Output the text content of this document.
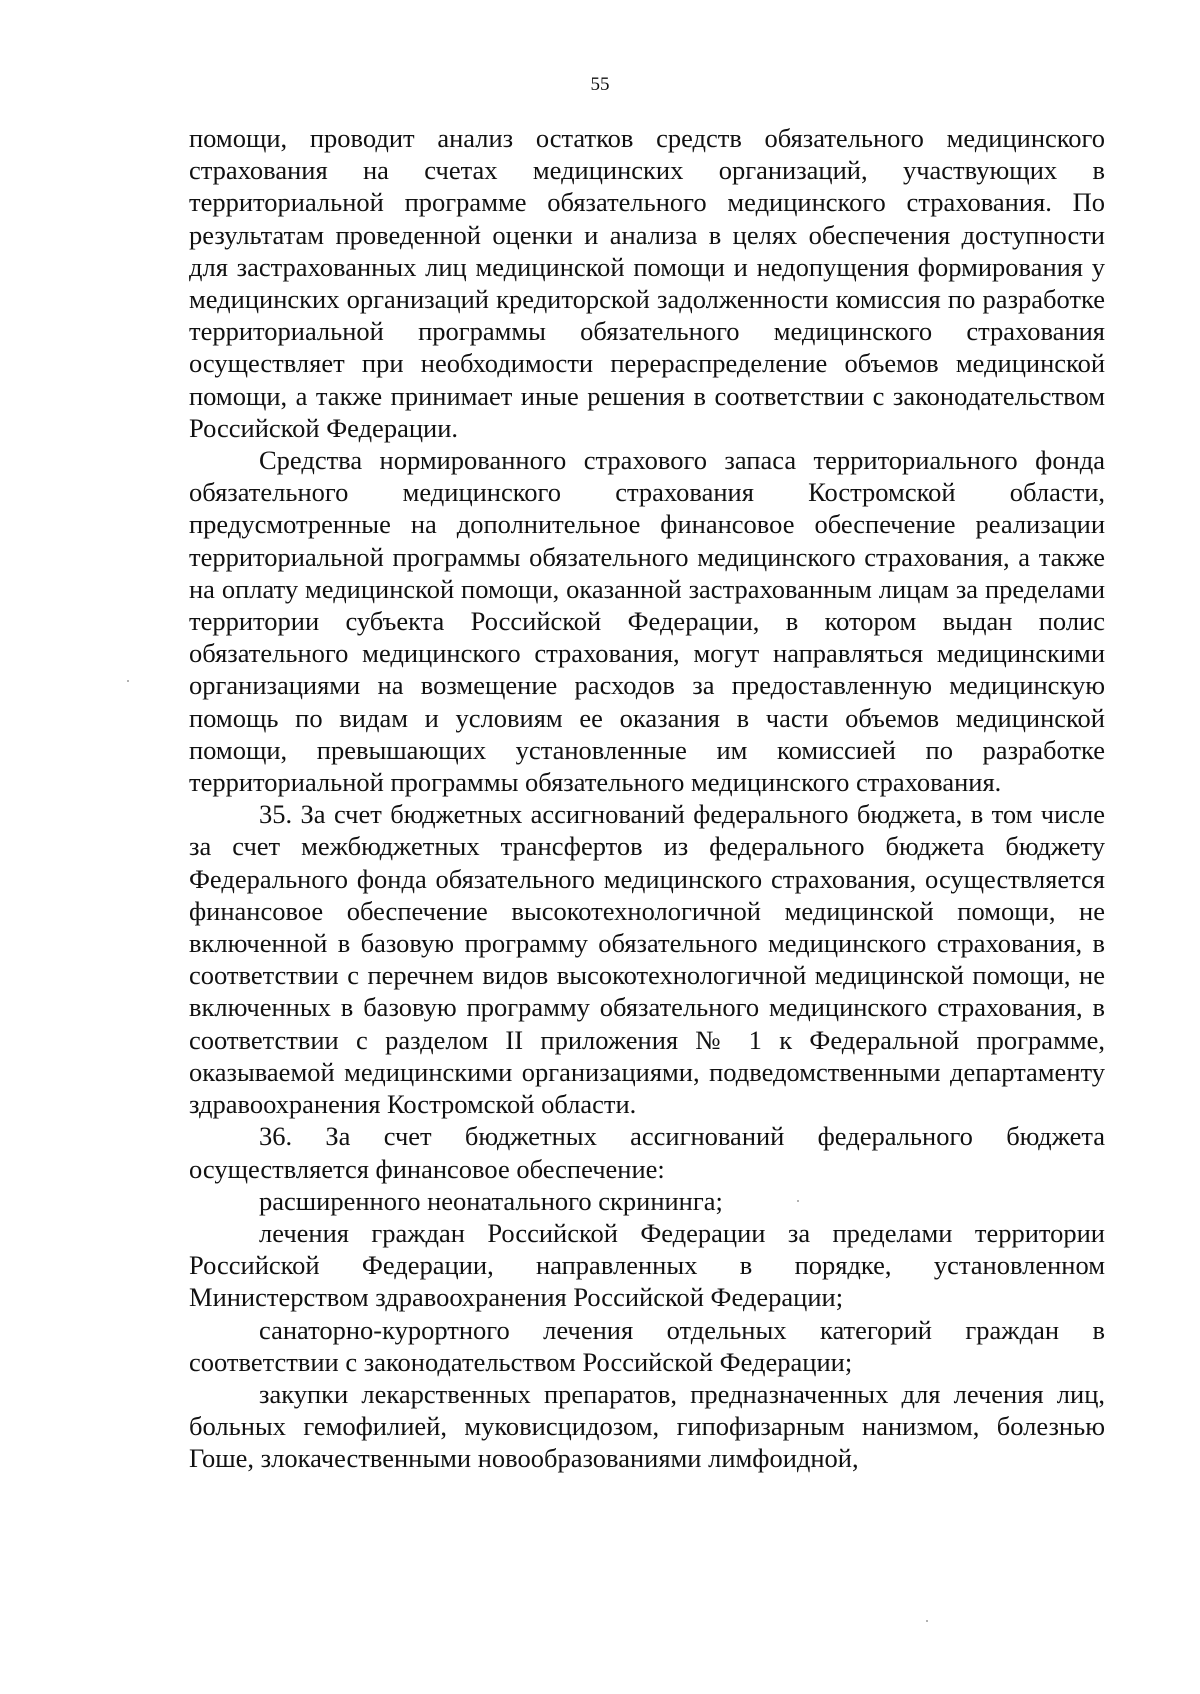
55

помощи, проводит анализ остатков средств обязательного медицинского страхования на счетах медицинских организаций, участвующих в территориальной программе обязательного медицинского страхования. По результатам проведенной оценки и анализа в целях обеспечения доступности для застрахованных лиц медицинской помощи и недопущения формирования у медицинских организаций кредиторской задолженности комиссия по разработке территориальной программы обязательного медицинского страхования осуществляет при необходимости перераспределение объемов медицинской помощи, а также принимает иные решения в соответствии с законодательством Российской Федерации.

Средства нормированного страхового запаса территориального фонда обязательного медицинского страхования Костромской области, предусмотренные на дополнительное финансовое обеспечение реализации территориальной программы обязательного медицинского страхования, а также на оплату медицинской помощи, оказанной застрахованным лицам за пределами территории субъекта Российской Федерации, в котором выдан полис обязательного медицинского страхования, могут направляться медицинскими организациями на возмещение расходов за предоставленную медицинскую помощь по видам и условиям ее оказания в части объемов медицинской помощи, превышающих установленные им комиссией по разработке территориальной программы обязательного медицинского страхования.

35. За счет бюджетных ассигнований федерального бюджета, в том числе за счет межбюджетных трансфертов из федерального бюджета бюджету Федерального фонда обязательного медицинского страхования, осуществляется финансовое обеспечение высокотехнологичной медицинской помощи, не включенной в базовую программу обязательного медицинского страхования, в соответствии с перечнем видов высокотехнологичной медицинской помощи, не включенных в базовую программу обязательного медицинского страхования, в соответствии с разделом II приложения № 1 к Федеральной программе, оказываемой медицинскими организациями, подведомственными департаменту здравоохранения Костромской области.

36. За счет бюджетных ассигнований федерального бюджета осуществляется финансовое обеспечение:

расширенного неонатального скрининга;

лечения граждан Российской Федерации за пределами территории Российской Федерации, направленных в порядке, установленном Министерством здравоохранения Российской Федерации;

санаторно-курортного лечения отдельных категорий граждан в соответствии с законодательством Российской Федерации;

закупки лекарственных препаратов, предназначенных для лечения лиц, больных гемофилией, муковисцидозом, гипофизарным нанизмом, болезнью Гоше, злокачественными новообразованиями лимфоидной,
